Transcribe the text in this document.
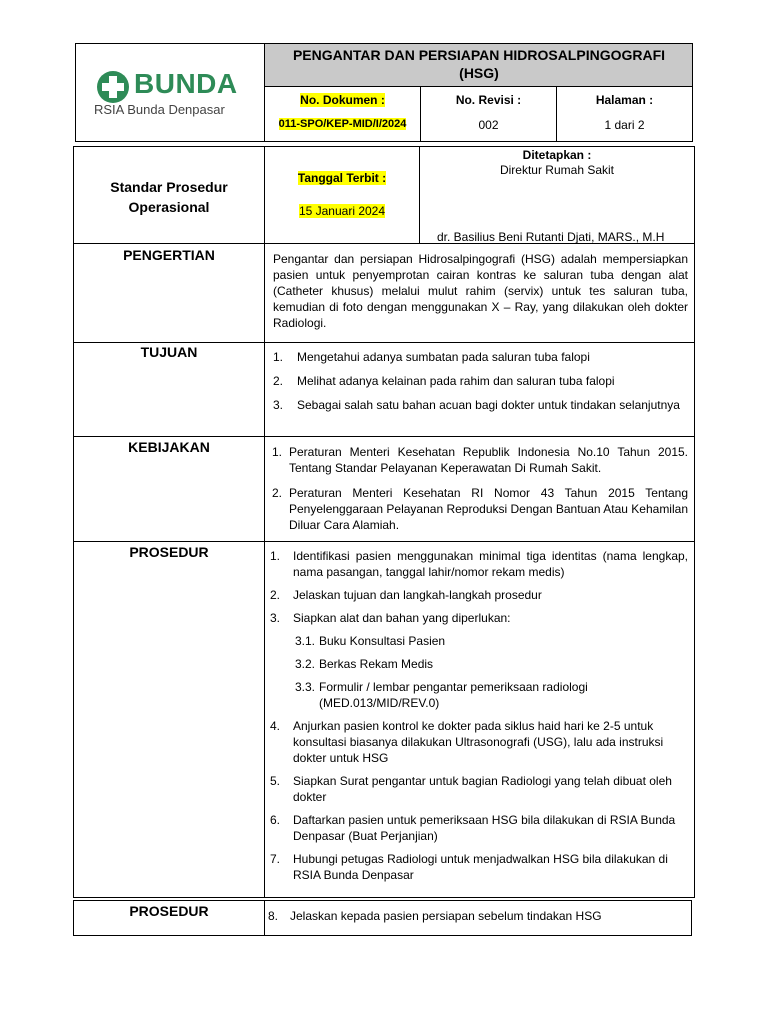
BUNDA
RSIA Bunda Denpasar
PENGANTAR DAN PERSIAPAN HIDROSALPINGOGRAFI (HSG)
No. Dokumen :
011-SPO/KEP-MID/I/2024
No. Revisi :
002
Halaman :
1 dari 2
Standar Prosedur Operasional
Tanggal Terbit :
15 Januari 2024
Ditetapkan :
Direktur Rumah Sakit
dr. Basilius Beni Rutanti Djati, MARS., M.H
PENGERTIAN	Pengantar dan persiapan Hidrosalpingografi (HSG) adalah mempersiapkan pasien untuk penyemprotan cairan kontras ke saluran tuba dengan alat (Catheter khusus) melalui mulut rahim (servix) untuk tes saluran tuba, kemudian di foto dengan menggunakan X – Ray, yang dilakukan oleh dokter Radiologi.
TUJUAN	1. Mengetahui adanya sumbatan pada saluran tuba falopi
2. Melihat adanya kelainan pada rahim dan saluran tuba falopi
3. Sebagai salah satu bahan acuan bagi dokter untuk tindakan selanjutnya
KEBIJAKAN	1. Peraturan Menteri Kesehatan Republik Indonesia No.10 Tahun 2015. Tentang Standar Pelayanan Keperawatan Di Rumah Sakit.
2. Peraturan Menteri Kesehatan RI Nomor 43 Tahun 2015 Tentang Penyelenggaraan Pelayanan Reproduksi Dengan Bantuan Atau Kehamilan Diluar Cara Alamiah.
PROSEDUR	1. Identifikasi pasien menggunakan minimal tiga identitas (nama lengkap, nama pasangan, tanggal lahir/nomor rekam medis)
2. Jelaskan tujuan dan langkah-langkah prosedur
3. Siapkan alat dan bahan yang diperlukan:
3.1. Buku Konsultasi Pasien
3.2. Berkas Rekam Medis
3.3. Formulir / lembar pengantar pemeriksaan radiologi (MED.013/MID/REV.0)
4. Anjurkan pasien kontrol ke dokter pada siklus haid hari ke 2-5 untuk konsultasi biasanya dilakukan Ultrasonografi (USG), lalu ada instruksi dokter untuk HSG
5. Siapkan Surat pengantar untuk bagian Radiologi yang telah dibuat oleh dokter
6. Daftarkan pasien untuk pemeriksaan HSG bila dilakukan di RSIA Bunda Denpasar (Buat Perjanjian)
7. Hubungi petugas Radiologi untuk menjadwalkan HSG bila dilakukan di RSIA Bunda Denpasar
PROSEDUR	8. Jelaskan kepada pasien persiapan sebelum tindakan HSG
